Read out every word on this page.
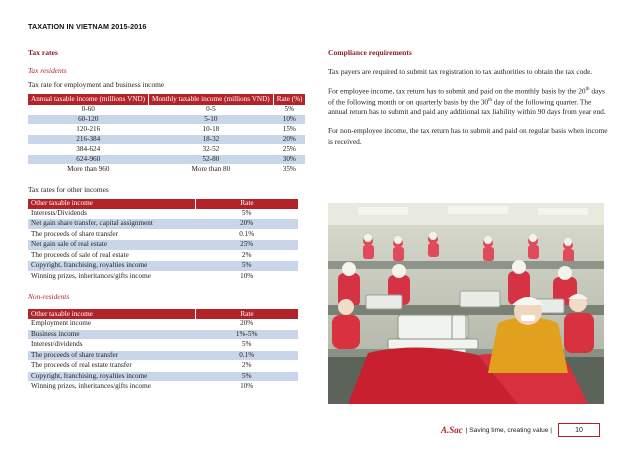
TAXATION IN VIETNAM 2015-2016
Tax rates
Tax residents
Tax rate for employment and business income
Annual taxable income (millions VND)	Monthly taxable income (millions VND)	Rate (%)
0-60	0-5	5%
60-120	5-10	10%
120-216	10-18	15%
216-384	18-32	20%
384-624	32-52	25%
624-960	52-80	30%
More than 960	More than 80	35%
Tax rates for other incomes
Other taxable income	Rate
Interests/Dividends	5%
Net gain share transfer, capital assignment	20%
The proceeds of share transfer	0.1%
Net gain sale of real estate	25%
The proceeds of sale of real estate	2%
Copyright, franchising, royalties income	5%
Winning prizes, inheritances/gifts income	10%
Non-residents
Other taxable income	Rate
Employment income	20%
Business income	1%-5%
Interest/dividends	5%
The proceeds of share transfer	0.1%
The proceeds of real estate transfer	2%
Copyright, franchising, royalties income	5%
Winning prizes, inheritances/gifts income	10%
Compliance requirements
Tax payers are required to submit tax registration to tax authorities to obtain the tax code.
For employee income, tax return has to submit and paid on the monthly basis by the 20th days of the following month or on quarterly basis by the 30th day of the following quarter. The annual return has to submit and paid any additional tax liability within 90 days from year end.
For non-employee income, the tax return has to submit and paid on regular basis when income is received.
A.Sac | Saving time, creating value |	10
